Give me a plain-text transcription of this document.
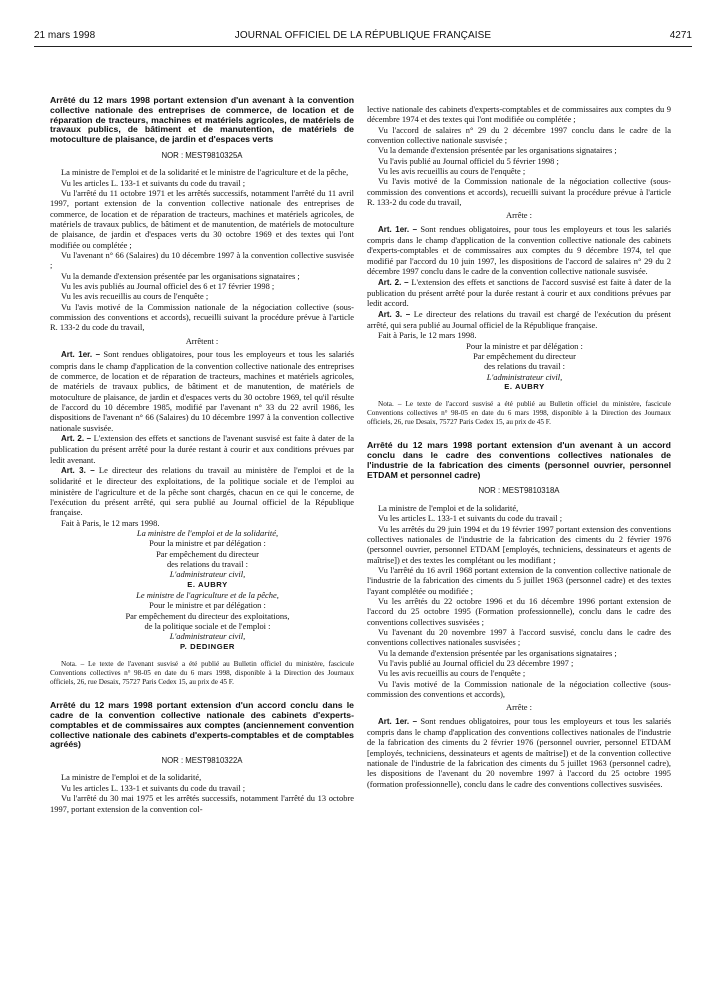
21 mars 1998	JOURNAL OFFICIEL DE LA RÉPUBLIQUE FRANÇAISE	4271
Arrêté du 12 mars 1998 portant extension d'un avenant à la convention collective nationale des entreprises de commerce, de location et de réparation de tracteurs, machines et matériels agricoles, de matériels de travaux publics, de bâtiment et de manutention, de matériels de motoculture de plaisance, de jardin et d'espaces verts
NOR : MEST9810325A

La ministre de l'emploi et de la solidarité et le ministre de l'agriculture et de la pêche,

Vu les articles L. 133-1 et suivants du code du travail ;

Vu l'arrêté du 11 octobre 1971 et les arrêtés successifs, notamment l'arrêté du 11 avril 1997, portant extension de la convention collective nationale des entreprises de commerce, de location et de réparation de tracteurs, machines et matériels agricoles, de matériels de travaux publics, de bâtiment et de manutention, de matériels de motoculture de plaisance, de jardin et d'espaces verts du 30 octobre 1969 et des textes qui l'ont modifiée ou complétée ;

Vu l'avenant n° 66 (Salaires) du 10 décembre 1997 à la convention collective susvisée ;

Vu la demande d'extension présentée par les organisations signataires ;

Vu les avis publiés au Journal officiel des 6 et 17 février 1998 ;

Vu les avis recueillis au cours de l'enquête ;

Vu l'avis motivé de la Commission nationale de la négociation collective (sous-commission des conventions et accords), recueilli suivant la procédure prévue à l'article R. 133-2 du code du travail,

Arrêtent :

Art. 1er. – Sont rendues obligatoires, pour tous les employeurs et tous les salariés compris dans le champ d'application de la convention collective nationale des entreprises de commerce, de location et de réparation de tracteurs, machines et matériels agricoles, de matériels de travaux publics, de bâtiment et de manutention, de matériels de motoculture de plaisance, de jardin et d'espaces verts du 30 octobre 1969, tel qu'il résulte de l'accord du 10 décembre 1985, modifié par l'avenant n° 33 du 22 avril 1986, les dispositions de l'avenant n° 66 (Salaires) du 10 décembre 1997 à la convention collective nationale susvisée.

Art. 2. – L'extension des effets et sanctions de l'avenant susvisé est faite à dater de la publication du présent arrêté pour la durée restant à courir et aux conditions prévues par ledit avenant.

Art. 3. – Le directeur des relations du travail au ministère de l'emploi et de la solidarité et le directeur des exploitations, de la politique sociale et de l'emploi au ministère de l'agriculture et de la pêche sont chargés, chacun en ce qui le concerne, de l'exécution du présent arrêté, qui sera publié au Journal officiel de la République française.

Fait à Paris, le 12 mars 1998.

La ministre de l'emploi et de la solidarité,

Pour la ministre et par délégation :

Par empêchement du directeur

des relations du travail :

L'administrateur civil,

E. AUBRY

Le ministre de l'agriculture et de la pêche,

Pour le ministre et par délégation :

Par empêchement du directeur des exploitations,

de la politique sociale et de l'emploi :

L'administrateur civil,

P. DEDINGER

Nota. – Le texte de l'avenant susvisé a été publié au Bulletin officiel du ministère, fascicule Conventions collectives n° 98-05 en date du 6 mars 1998, disponible à la Direction des Journaux officiels, 26, rue Desaix, 75727 Paris Cedex 15, au prix de 45 F.

Arrêté du 12 mars 1998 portant extension d'un accord conclu dans le cadre de la convention collective nationale des cabinets d'experts-comptables et de commissaires aux comptes (anciennement convention collective nationale des cabinets d'experts-comptables et de comptables agréés)
NOR : MEST9810322A

La ministre de l'emploi et de la solidarité,

Vu les articles L. 133-1 et suivants du code du travail ;

Vu l'arrêté du 30 mai 1975 et les arrêtés successifs, notamment l'arrêté du 13 octobre 1997, portant extension de la convention col-

lective nationale des cabinets d'experts-comptables et de commissaires aux comptes du 9 décembre 1974 et des textes qui l'ont modifiée ou complétée ;

Vu l'accord de salaires n° 29 du 2 décembre 1997 conclu dans le cadre de la convention collective nationale susvisée ;

Vu la demande d'extension présentée par les organisations signataires ;

Vu l'avis publié au Journal officiel du 5 février 1998 ;

Vu les avis recueillis au cours de l'enquête ;

Vu l'avis motivé de la Commission nationale de la négociation collective (sous-commission des conventions et accords), recueilli suivant la procédure prévue à l'article R. 133-2 du code du travail,

Arrête :

Art. 1er. – Sont rendues obligatoires, pour tous les employeurs et tous les salariés compris dans le champ d'application de la convention collective nationale des cabinets d'experts-comptables et de commissaires aux comptes du 9 décembre 1974, tel que modifié par l'accord du 10 juin 1997, les dispositions de l'accord de salaires n° 29 du 2 décembre 1997 conclu dans le cadre de la convention collective nationale susvisée.

Art. 2. – L'extension des effets et sanctions de l'accord susvisé est faite à dater de la publication du présent arrêté pour la durée restant à courir et aux conditions prévues par ledit accord.

Art. 3. – Le directeur des relations du travail est chargé de l'exécution du présent arrêté, qui sera publié au Journal officiel de la République française.

Fait à Paris, le 12 mars 1998.

Pour la ministre et par délégation :

Par empêchement du directeur

des relations du travail :

L'administrateur civil,

E. AUBRY

Nota. – Le texte de l'accord susvisé a été publié au Bulletin officiel du ministère, fascicule Conventions collectives n° 98-05 en date du 6 mars 1998, disponible à la Direction des Journaux officiels, 26, rue Desaix, 75727 Paris Cedex 15, au prix de 45 F.

Arrêté du 12 mars 1998 portant extension d'un avenant à un accord conclu dans le cadre des conventions collectives nationales de l'industrie de la fabrication des ciments (personnel ouvrier, personnel ETDAM et personnel cadre)
NOR : MEST9810318A

La ministre de l'emploi et de la solidarité,

Vu les articles L. 133-1 et suivants du code du travail ;

Vu les arrêtés du 29 juin 1994 et du 19 février 1997 portant extension des conventions collectives nationales de l'industrie de la fabrication des ciments du 2 février 1976 (personnel ouvrier, personnel ETDAM [employés, techniciens, dessinateurs et agents de maîtrise]) et des textes les complétant ou les modifiant ;

Vu l'arrêté du 16 avril 1968 portant extension de la convention collective nationale de l'industrie de la fabrication des ciments du 5 juillet 1963 (personnel cadre) et des textes l'ayant complétée ou modifiée ;

Vu les arrêtés du 22 octobre 1996 et du 16 décembre 1996 portant extension de l'accord du 25 octobre 1995 (Formation professionnelle), conclu dans le cadre des conventions collectives susvisées ;

Vu l'avenant du 20 novembre 1997 à l'accord susvisé, conclu dans le cadre des conventions collectives nationales susvisées ;

Vu la demande d'extension présentée par les organisations signataires ;

Vu l'avis publié au Journal officiel du 23 décembre 1997 ;

Vu les avis recueillis au cours de l'enquête ;

Vu l'avis motivé de la Commission nationale de la négociation collective (sous-commission des conventions et accords),

Arrête :

Art. 1er. – Sont rendues obligatoires, pour tous les employeurs et tous les salariés compris dans le champ d'application des conventions collectives nationales de l'industrie de la fabrication des ciments du 2 février 1976 (personnel ouvrier, personnel ETDAM [employés, techniciens, dessinateurs et agents de maîtrise]) et de la convention collective nationale de l'industrie de la fabrication des ciments du 5 juillet 1963 (personnel cadre), les dispositions de l'avenant du 20 novembre 1997 à l'accord du 25 octobre 1995 (formation professionnelle), conclu dans le cadre des conventions collectives susvisées.
